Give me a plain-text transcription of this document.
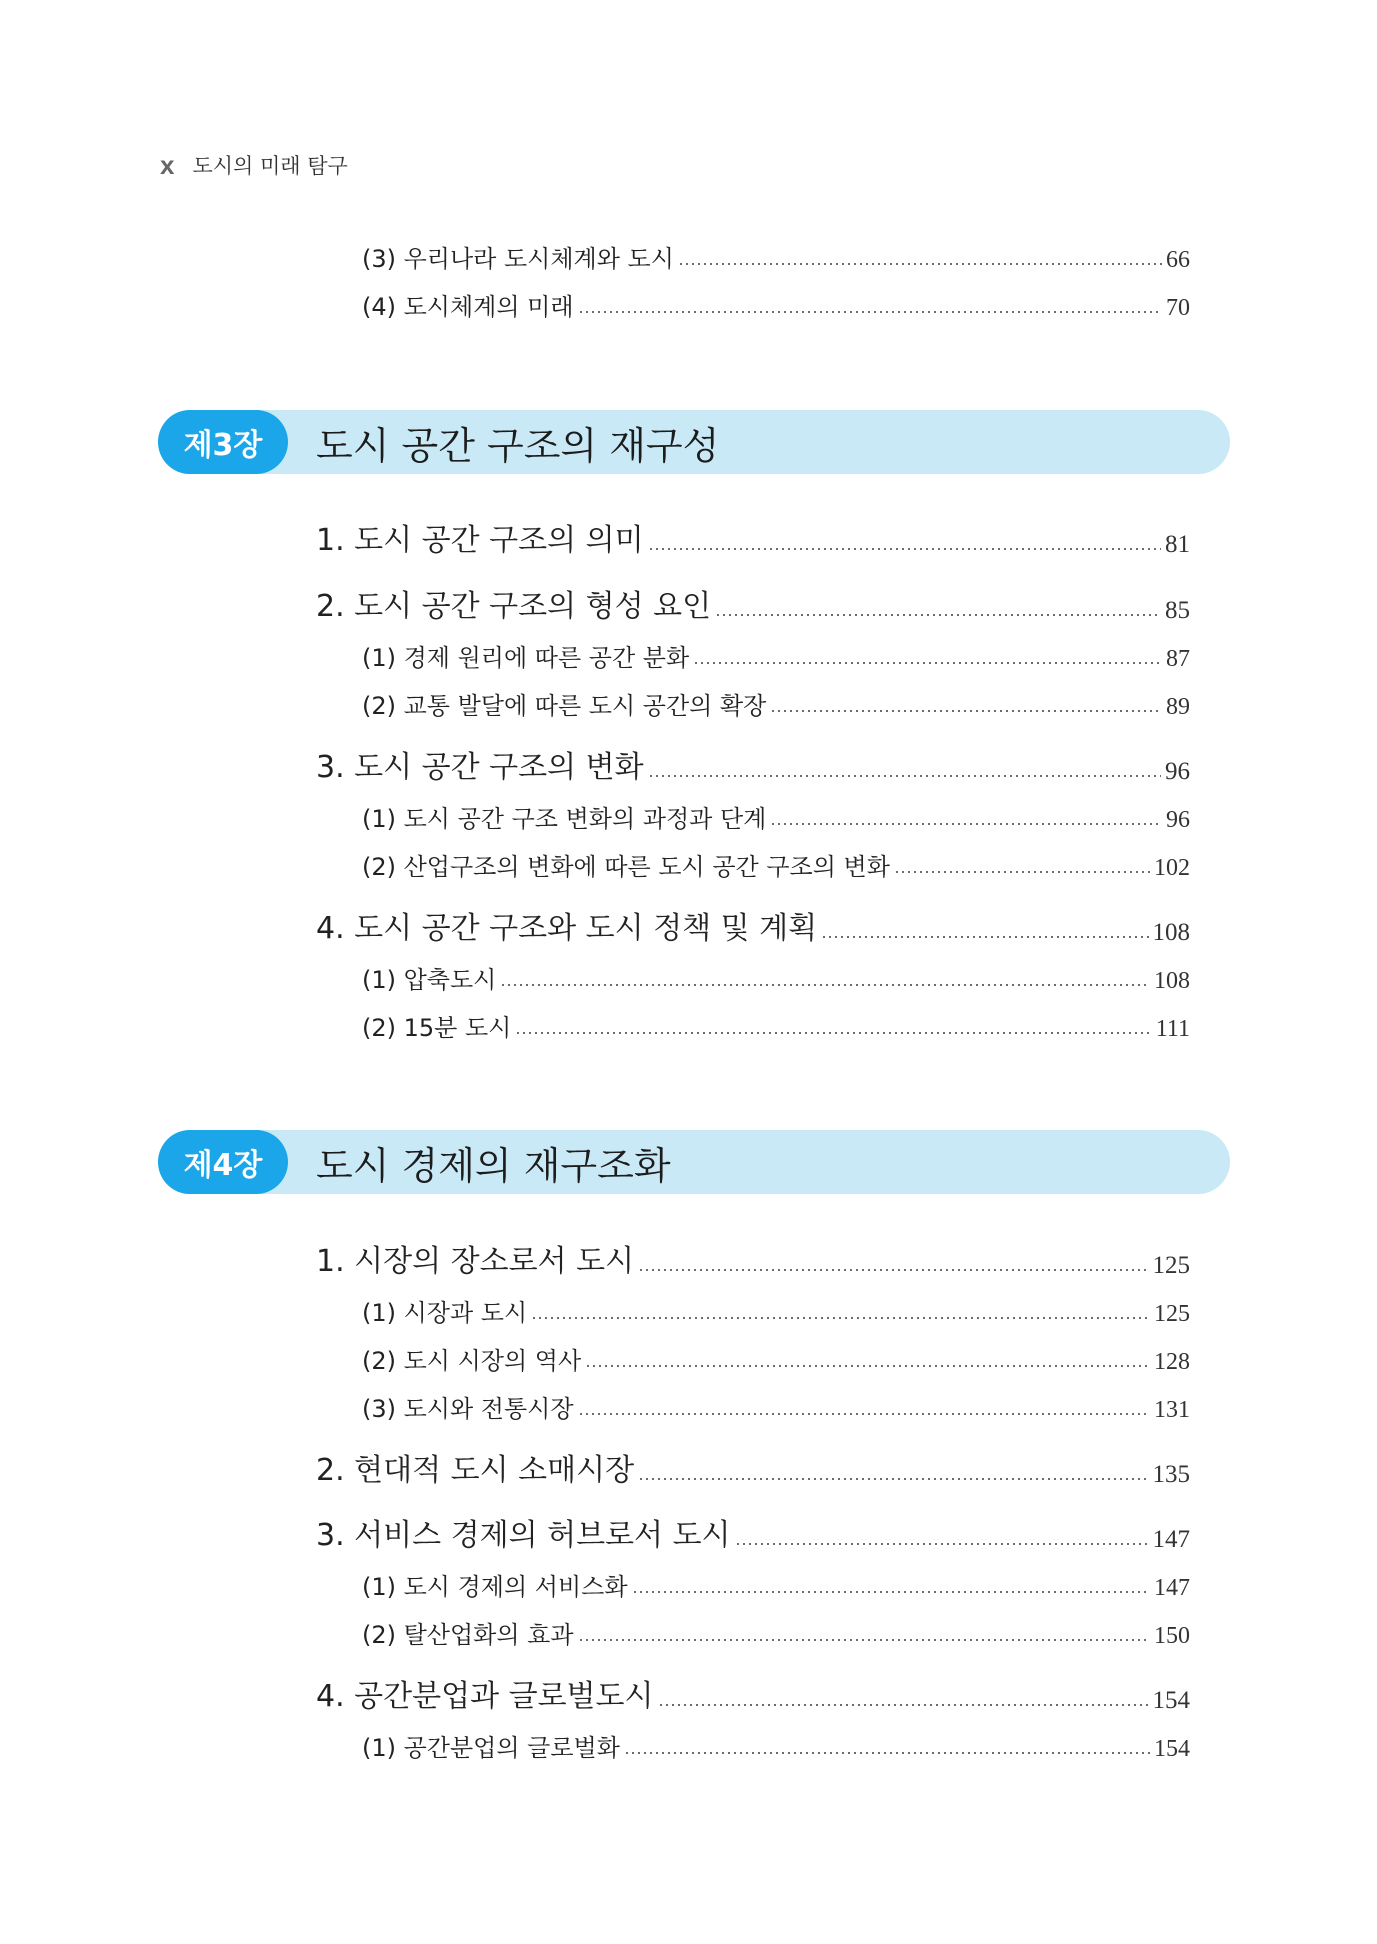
x 도시의 미래 탐구
(3) 우리나라 도시체계와 도시	66
(4) 도시체계의 미래	70
제3장	도시 공간 구조의 재구성
1. 도시 공간 구조의 의미	81
2. 도시 공간 구조의 형성 요인	85
(1) 경제 원리에 따른 공간 분화	87
(2) 교통 발달에 따른 도시 공간의 확장	89
3. 도시 공간 구조의 변화	96
(1) 도시 공간 구조 변화의 과정과 단계	96
(2) 산업구조의 변화에 따른 도시 공간 구조의 변화	102
4. 도시 공간 구조와 도시 정책 및 계획	108
(1) 압축도시	108
(2) 15분 도시	111
제4장	도시 경제의 재구조화
1. 시장의 장소로서 도시	125
(1) 시장과 도시	125
(2) 도시 시장의 역사	128
(3) 도시와 전통시장	131
2. 현대적 도시 소매시장	135
3. 서비스 경제의 허브로서 도시	147
(1) 도시 경제의 서비스화	147
(2) 탈산업화의 효과	150
4. 공간분업과 글로벌도시	154
(1) 공간분업의 글로벌화	154
